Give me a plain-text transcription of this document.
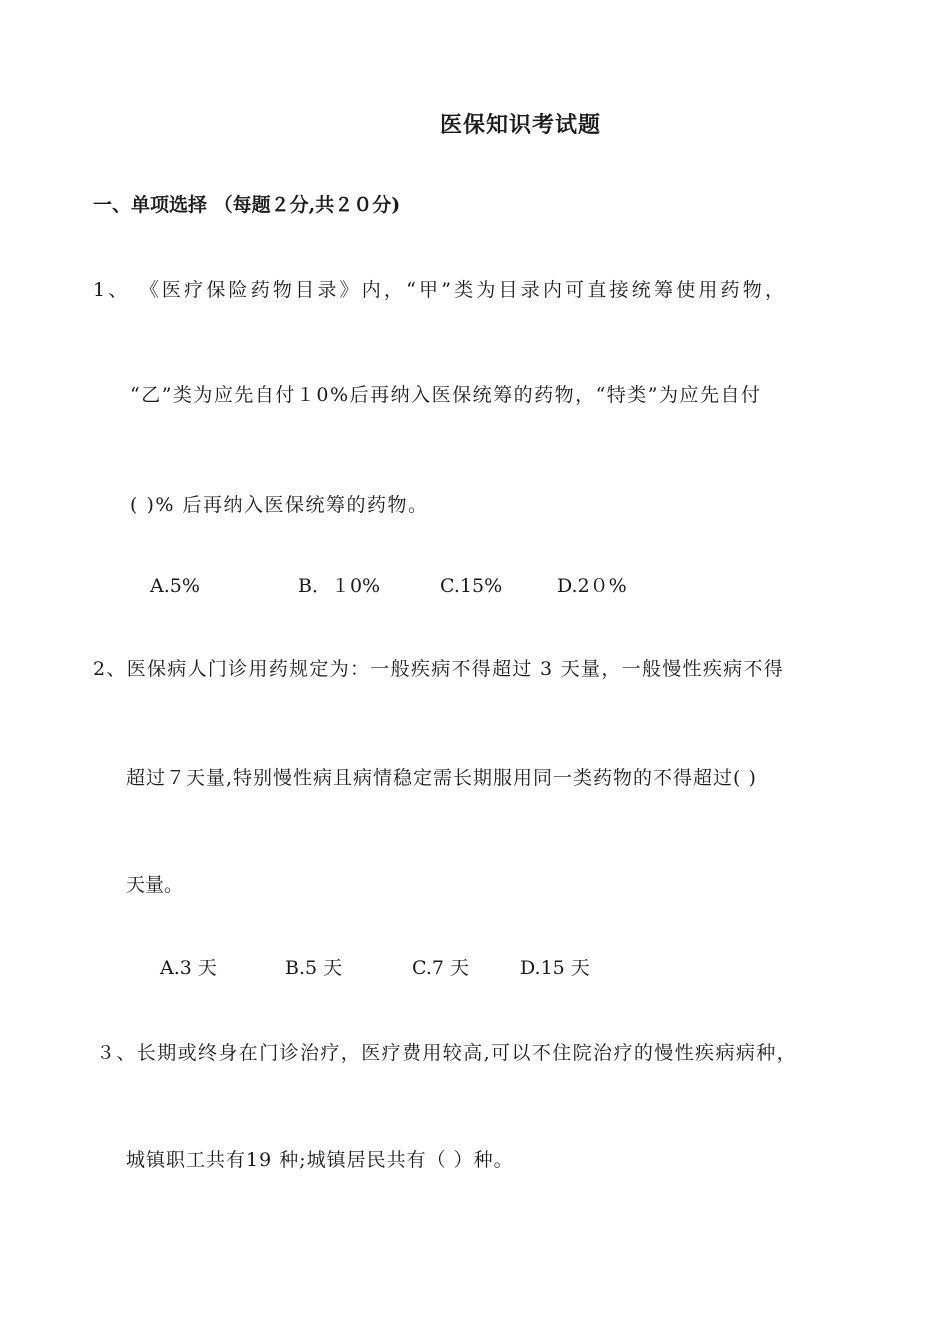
医保知识考试题
一、单项选择 （每题２分,共２０分)
1、 《医疗保险药物目录》内，“甲”类为目录内可直接统筹使用药物，
“乙”类为应先自付１0%后再纳入医保统筹的药物，“特类”为应先自付
( )% 后再纳入医保统筹的药物。
A.5%	B．１0%	C.15%	D.2０%
2、医保病人门诊用药规定为：一般疾病不得超过 3 天量，一般慢性疾病不得
超过７天量,特别慢性病且病情稳定需长期服用同一类药物的不得超过( )
天量。
A.3 天	B.5 天	C.7 天	D.15 天
３、长期或终身在门诊治疗，医疗费用较高,可以不住院治疗的慢性疾病病种，
城镇职工共有19 种;城镇居民共有（ ）种。
